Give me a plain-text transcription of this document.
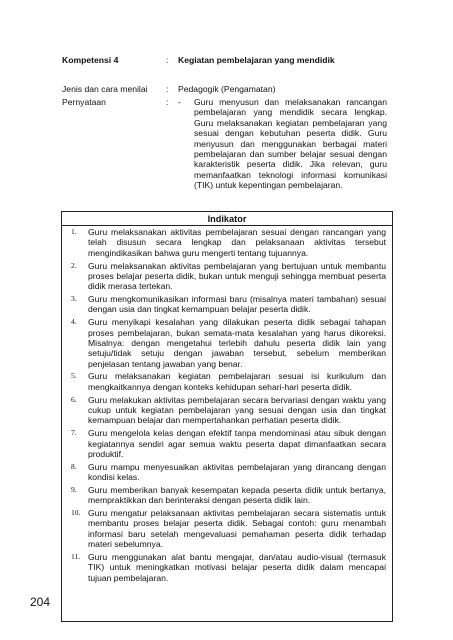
Kompetensi 4	: Kegiatan pembelajaran yang mendidik
Jenis dan cara menilai : Pedagogik (Pengamatan)
Pernyataan	: - Guru menyusun dan melaksanakan rancangan pembelajaran yang mendidik secara lengkap. Guru melaksanakan kegiatan pembelajaran yang sesuai dengan kebutuhan peserta didik. Guru menyusun dan menggunakan berbagai materi pembelajaran dan sumber belajar sesuai dengan karakteristik peserta didik. Jika relevan, guru memanfaatkan teknologi informasi komunikasi (TIK) untuk kepentingan pembelajaran.
Indikator
1. Guru melaksanakan aktivitas pembelajaran sesuai dengan rancangan yang telah disusun secara lengkap dan pelaksanaan aktivitas tersebut mengindikasikan bahwa guru mengerti tentang tujuannya.
2. Guru melaksanakan aktivitas pembelajaran yang bertujuan untuk membantu proses belajar peserta didik, bukan untuk menguji sehingga membuat peserta didik merasa tertekan.
3. Guru mengkomunikasikan informasi baru (misalnya materi tambahan) sesuai dengan usia dan tingkat kemampuan belajar peserta didik.
4. Guru menyikapi kesalahan yang dilakukan peserta didik sebagai tahapan proses pembelajaran, bukan semata-mata kesalahan yang harus dikoreksi. Misalnya: dengan mengetahui terlebih dahulu peserta didik lain yang setuju/tidak setuju dengan jawaban tersebut, sebelum memberikan penjelasan tentang jawaban yang benar.
5. Guru melaksanakan kegiatan pembelajaran sesuai isi kurikulum dan mengkaitkannya dengan konteks kehidupan sehari-hari peserta didik.
6. Guru melakukan aktivitas pembelajaran secara bervariasi dengan waktu yang cukup untuk kegiatan pembelajaran yang sesuai dengan usia dan tingkat kemampuan belajar dan mempertahankan perhatian peserta didik.
7. Guru mengelola kelas dengan efektif tanpa mendominasi atau sibuk dengan kegiatannya sendiri agar semua waktu peserta dapat dimanfaatkan secara produktif.
8. Guru mampu menyesuaikan aktivitas pembelajaran yang dirancang dengan kondisi kelas.
9. Guru memberikan banyak kesempatan kepada peserta didik untuk bertanya, mempraktikkan dan berinteraksi dengan peserta didik lain.
10. Guru mengatur pelaksanaan aktivitas pembelajaran secara sistematis untuk membantu proses belajar peserta didik. Sebagai contoh: guru menambah informasi baru setelah mengevaluasi pemahaman peserta didik terhadap materi sebelumnya.
11. Guru menggunakan alat bantu mengajar, dan/atau audio-visual (termasuk TIK) untuk meningkatkan motivasi belajar peserta didik dalam mencapai tujuan pembelajaran.
204
